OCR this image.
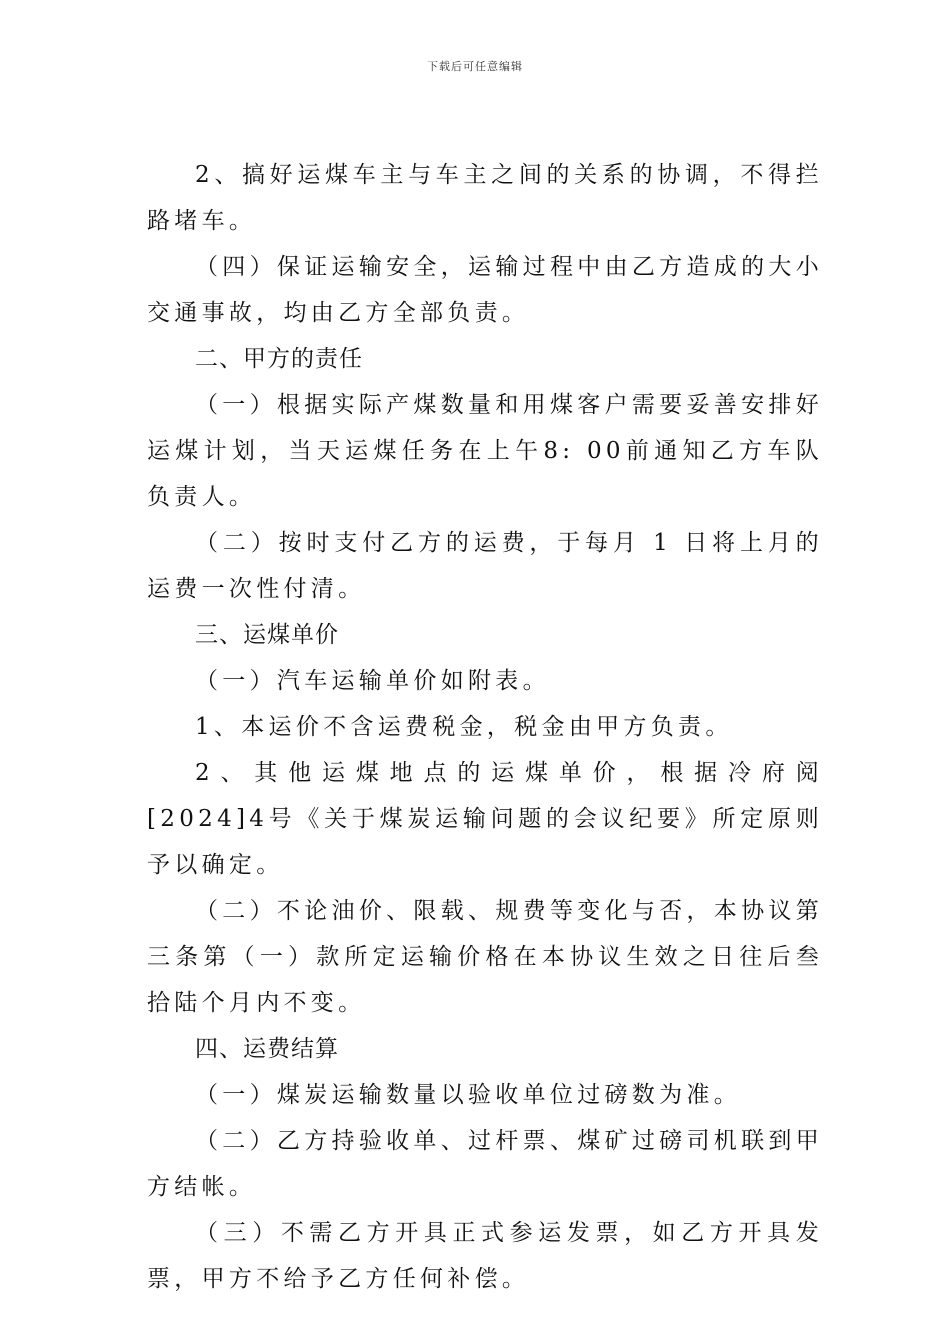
下载后可任意编辑

2、搞好运煤车主与车主之间的关系的协调，不得拦路堵车。

（四）保证运输安全，运输过程中由乙方造成的大小交通事故，均由乙方全部负责。

二、甲方的责任

（一）根据实际产煤数量和用煤客户需要妥善安排好运煤计划，当天运煤任务在上午8: 00前通知乙方车队负责人。

（二）按时支付乙方的运费，于每月 1 日将上月的运费一次性付清。

三、运煤单价

（一）汽车运输单价如附表。

1、本运价不含运费税金，税金由甲方负责。

2、其他运煤地点的运煤单价，根据冷府阅[2024]4号《关于煤炭运输问题的会议纪要》所定原则予以确定。

（二）不论油价、限载、规费等变化与否，本协议第三条第（一）款所定运输价格在本协议生效之日往后叁拾陆个月内不变。

四、运费结算

（一）煤炭运输数量以验收单位过磅数为准。

（二）乙方持验收单、过杆票、煤矿过磅司机联到甲方结帐。

（三）不需乙方开具正式参运发票，如乙方开具发票，甲方不给予乙方任何补偿。
